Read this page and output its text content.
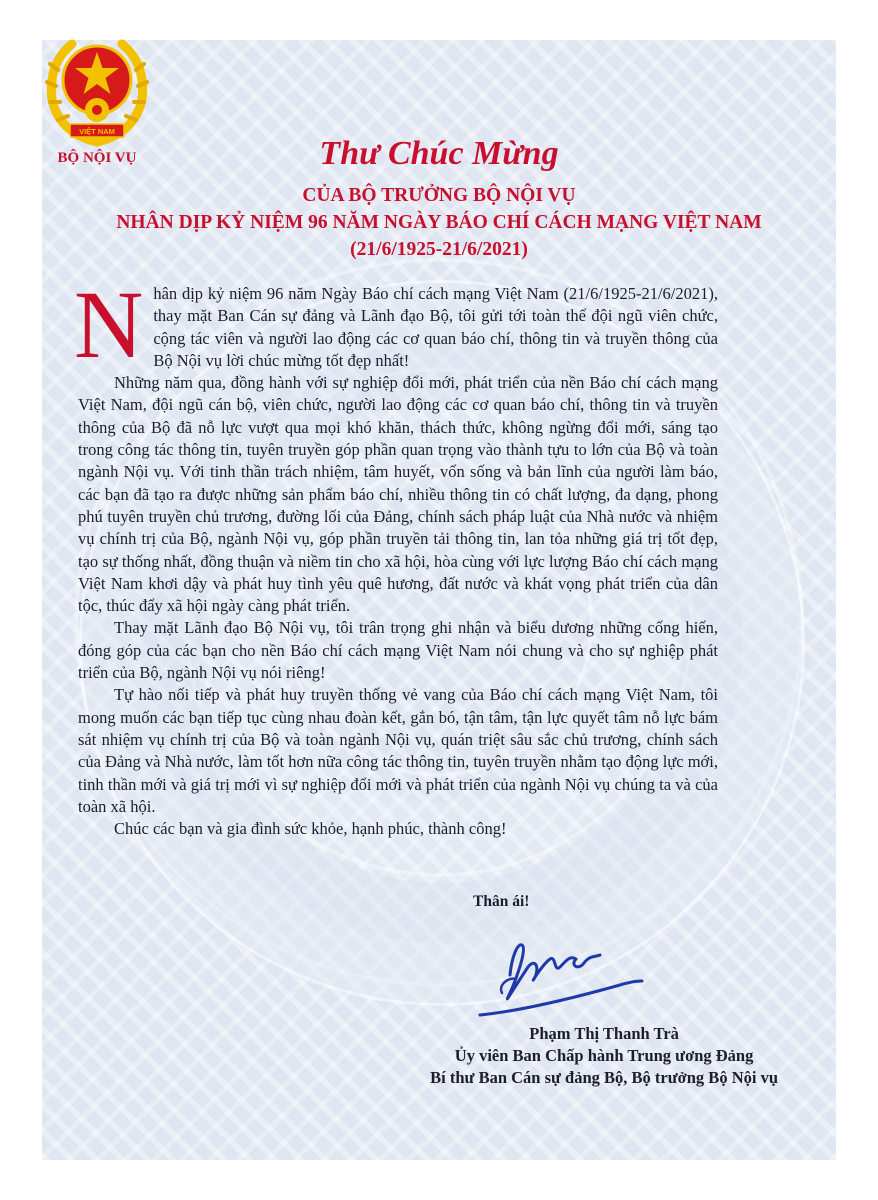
VIỆT NAM
BỘ NỘI VỤ	Thư Chúc Mừng
CỦA BỘ TRƯỞNG BỘ NỘI VỤ
NHÂN DỊP KỶ NIỆM 96 NĂM NGÀY BÁO CHÍ CÁCH MẠNG VIỆT NAM
(21/6/1925-21/6/2021)

Nhân dịp kỷ niệm 96 năm Ngày Báo chí cách mạng Việt Nam (21/6/1925-21/6/2021), thay mặt Ban Cán sự đảng và Lãnh đạo Bộ, tôi gửi tới toàn thể đội ngũ viên chức, cộng tác viên và người lao động các cơ quan báo chí, thông tin và truyền thông của Bộ Nội vụ lời chúc mừng tốt đẹp nhất!

Những năm qua, đồng hành với sự nghiệp đổi mới, phát triển của nền Báo chí cách mạng Việt Nam, đội ngũ cán bộ, viên chức, người lao động các cơ quan báo chí, thông tin và truyền thông của Bộ đã nỗ lực vượt qua mọi khó khăn, thách thức, không ngừng đổi mới, sáng tạo trong công tác thông tin, tuyên truyền góp phần quan trọng vào thành tựu to lớn của Bộ và toàn ngành Nội vụ. Với tinh thần trách nhiệm, tâm huyết, vốn sống và bản lĩnh của người làm báo, các bạn đã tạo ra được những sản phẩm báo chí, nhiều thông tin có chất lượng, đa dạng, phong phú tuyên truyền chủ trương, đường lối của Đảng, chính sách pháp luật của Nhà nước và nhiệm vụ chính trị của Bộ, ngành Nội vụ, góp phần truyền tải thông tin, lan tỏa những giá trị tốt đẹp, tạo sự thống nhất, đồng thuận và niềm tin cho xã hội, hòa cùng với lực lượng Báo chí cách mạng Việt Nam khơi dậy và phát huy tình yêu quê hương, đất nước và khát vọng phát triển của dân tộc, thúc đẩy xã hội ngày càng phát triển.

Thay mặt Lãnh đạo Bộ Nội vụ, tôi trân trọng ghi nhận và biểu dương những cống hiến, đóng góp của các bạn cho nền Báo chí cách mạng Việt Nam nói chung và cho sự nghiệp phát triển của Bộ, ngành Nội vụ nói riêng!

Tự hào nối tiếp và phát huy truyền thống vẻ vang của Báo chí cách mạng Việt Nam, tôi mong muốn các bạn tiếp tục cùng nhau đoàn kết, gắn bó, tận tâm, tận lực quyết tâm nỗ lực bám sát nhiệm vụ chính trị của Bộ và toàn ngành Nội vụ, quán triệt sâu sắc chủ trương, chính sách của Đảng và Nhà nước, làm tốt hơn nữa công tác thông tin, tuyên truyền nhằm tạo động lực mới, tinh thần mới và giá trị mới vì sự nghiệp đổi mới và phát triển của ngành Nội vụ chúng ta và của toàn xã hội.

Chúc các bạn và gia đình sức khỏe, hạnh phúc, thành công!

Thân ái!
Phạm Thị Thanh Trà
Ủy viên Ban Chấp hành Trung ương Đảng
Bí thư Ban Cán sự đảng Bộ, Bộ trưởng Bộ Nội vụ
